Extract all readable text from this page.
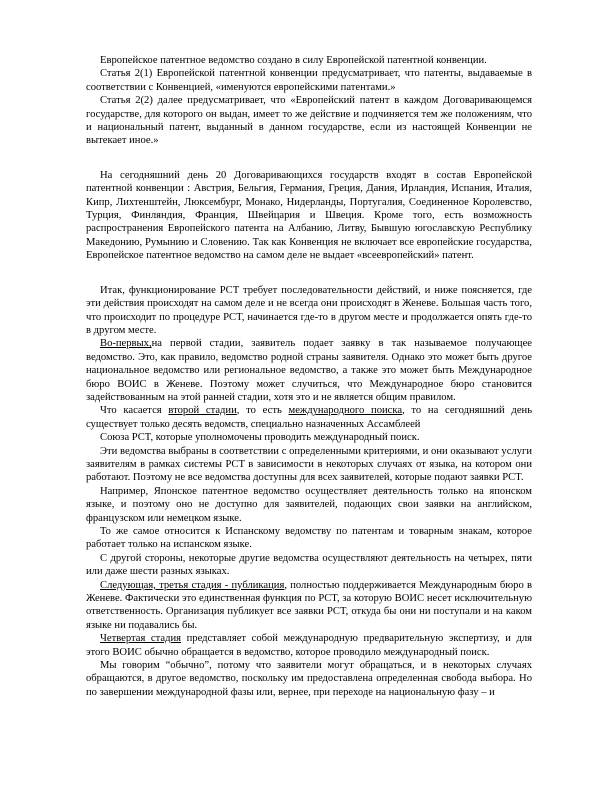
Европейское патентное ведомство создано в силу Европейской патентной конвенции.

Статья 2(1) Европейской патентной конвенции предусматривает, что патенты, выдаваемые в соответствии с Конвенцией, «именуются европейскими патентами.»

Статья 2(2) далее предусматривает, что «Европейский патент в каждом Договаривающемся государстве, для которого он выдан, имеет то же действие и подчиняется тем же положениям, что и национальный патент, выданный в данном государстве, если из настоящей Конвенции не вытекает иное.»

На сегодняшний день 20 Договаривающихся государств входят в состав Европейской патентной конвенции : Австрия, Бельгия, Германия, Греция, Дания, Ирландия, Испания, Италия, Кипр, Лихтенштейн, Люксембург, Монако, Нидерланды, Португалия, Соединенное Королевство, Турция, Финляндия, Франция, Швейцария и Швеция. Кроме того, есть возможность распространения Европейского патента на Албанию, Литву, Бывшую югославскую Республику Македонию, Румынию и Словению. Так как Конвенция не включает все европейские государства, Европейское патентное ведомство на самом деле не выдает «всеевропейский» патент.

Итак, функционирование PCT требует последовательности действий, и ниже поясняется, где эти действия происходят на самом деле и не всегда они происходят в Женеве. Большая часть того, что происходит по процедуре PCT, начинается где-то в другом месте и продолжается опять где-то в другом месте.

Во-первых,на первой стадии, заявитель подает заявку в так называемое получающее ведомство. Это, как правило, ведомство родной страны заявителя. Однако это может быть другое национальное ведомство или региональное ведомство, а также это может быть Международное бюро ВОИС в Женеве. Поэтому может случиться, что Международное бюро становится задействованным на этой ранней стадии, хотя это и не является общим правилом.

Что касается второй стадии, то есть международного поиска, то на сегодняшний день существует только десять ведомств, специально назначенных Ассамблеей

Союза PCT, которые уполномочены проводить международный поиск.

Эти ведомства выбраны в соответствии с определенными критериями, и они оказывают услуги заявителям в рамках системы PCT в зависимости в некоторых случаях от языка, на котором они работают. Поэтому не все ведомства доступны для всех заявителей, которые подают заявки PCT.

Например, Японское патентное ведомство осуществляет деятельность только на японском языке, и поэтому оно не доступно для заявителей, подающих свои заявки на английском, французском или немецком языке.

То же самое относится к Испанскому ведомству по патентам и товарным знакам, которое работает только на испанском языке.

С другой стороны, некоторые другие ведомства осуществляют деятельность на четырех, пяти или даже шести разных языках.

Следующая, третья стадия - публикация, полностью поддерживается Международным бюро в Женеве. Фактически это единственная функция по PCT, за которую ВОИС несет исключительную ответственность. Организация публикует все заявки PCT, откуда бы они ни поступали и на каком языке ни подавались бы.

Четвертая стадия представляет собой международную предварительную экспертизу, и для этого ВОИС обычно обращается в ведомство, которое проводило международный поиск.

Мы говорим “обычно”, потому что заявители могут обращаться, и в некоторых случаях обращаются, в другое ведомство, поскольку им предоставлена определенная свобода выбора. Но по завершении международной фазы или, вернее, при переходе на национальную фазу – и
